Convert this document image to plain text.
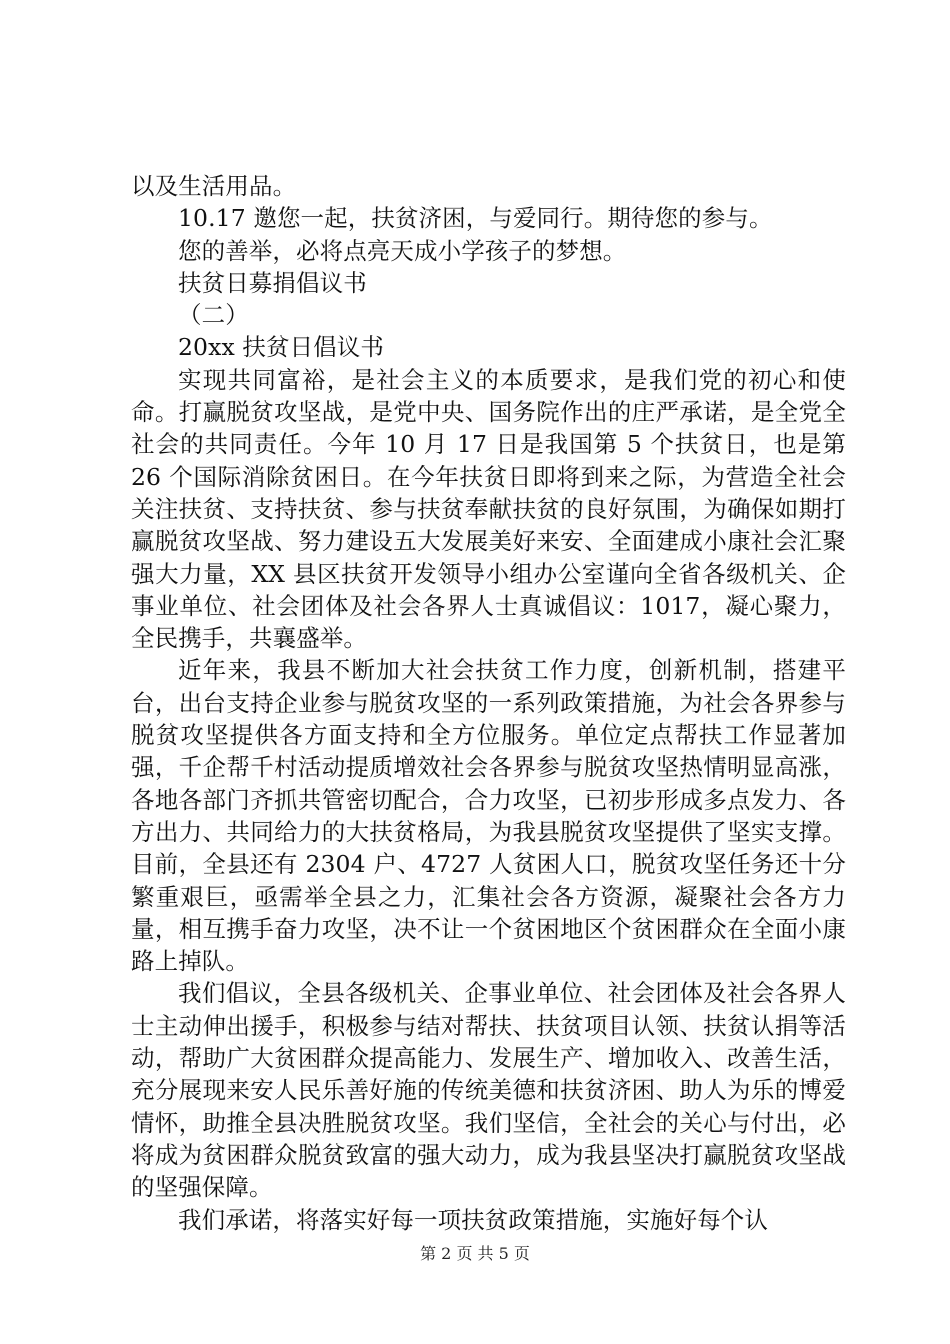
以及生活用品。

10.17 邀您一起，扶贫济困，与爱同行。期待您的参与。

您的善举，必将点亮天成小学孩子的梦想。

扶贫日募捐倡议书

（二）

20xx 扶贫日倡议书

实现共同富裕，是社会主义的本质要求，是我们党的初心和使命。打赢脱贫攻坚战，是党中央、国务院作出的庄严承诺，是全党全社会的共同责任。今年 10 月 17 日是我国第 5 个扶贫日，也是第 26 个国际消除贫困日。在今年扶贫日即将到来之际，为营造全社会关注扶贫、支持扶贫、参与扶贫奉献扶贫的良好氛围，为确保如期打赢脱贫攻坚战、努力建设五大发展美好来安、全面建成小康社会汇聚强大力量，XX 县区扶贫开发领导小组办公室谨向全省各级机关、企事业单位、社会团体及社会各界人士真诚倡议：1017，凝心聚力，全民携手，共襄盛举。

近年来，我县不断加大社会扶贫工作力度，创新机制，搭建平台，出台支持企业参与脱贫攻坚的一系列政策措施，为社会各界参与脱贫攻坚提供各方面支持和全方位服务。单位定点帮扶工作显著加强，千企帮千村活动提质增效社会各界参与脱贫攻坚热情明显高涨，各地各部门齐抓共管密切配合，合力攻坚，已初步形成多点发力、各方出力、共同给力的大扶贫格局，为我县脱贫攻坚提供了坚实支撑。目前，全县还有 2304 户、4727 人贫困人口，脱贫攻坚任务还十分繁重艰巨，亟需举全县之力，汇集社会各方资源，凝聚社会各方力量，相互携手奋力攻坚，决不让一个贫困地区个贫困群众在全面小康路上掉队。

我们倡议，全县各级机关、企事业单位、社会团体及社会各界人士主动伸出援手，积极参与结对帮扶、扶贫项目认领、扶贫认捐等活动，帮助广大贫困群众提高能力、发展生产、增加收入、改善生活，充分展现来安人民乐善好施的传统美德和扶贫济困、助人为乐的博爱情怀，助推全县决胜脱贫攻坚。我们坚信，全社会的关心与付出，必将成为贫困群众脱贫致富的强大动力，成为我县坚决打赢脱贫攻坚战的坚强保障。

我们承诺，将落实好每一项扶贫政策措施，实施好每个认

第 2 页 共 5 页
